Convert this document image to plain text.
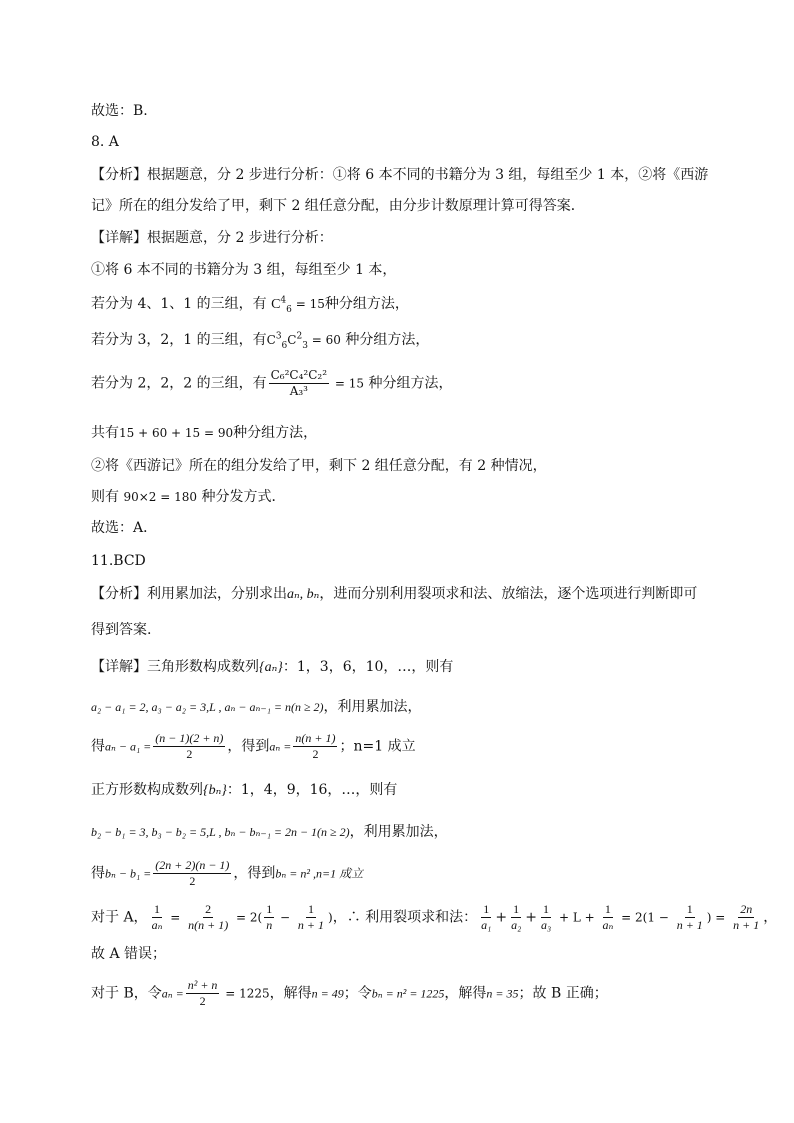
故选：B.
8. A
【分析】根据题意，分 2 步进行分析：①将 6 本不同的书籍分为 3 组，每组至少 1 本，②将《西游
记》所在的组分发给了甲，剩下 2 组任意分配，由分步计数原理计算可得答案．
【详解】根据题意，分 2 步进行分析：
①将 6 本不同的书籍分为 3 组，每组至少 1 本，
若分为 4、1、1 的三组，有 $C^4_6 = 15$种分组方法，
若分为 3，2，1 的三组，有$C^3_6C^2_3 = 60$ 种分组方法，
若分为 2，2，2 的三组，有 $\frac{\text{C₆²C₄²C₂²}}{\text{A₃³}} = 15$ 种分组方法，
共有15 + 60 + 15 = 90种分组方法，
②将《西游记》所在的组分发给了甲，剩下 2 组任意分配，有 2 种情况，
则有 90×2 = 180 种分发方式．
故选：A．
11.BCD
【分析】利用累加法，分别求出aₙ, bₙ，进而分别利用裂项求和法、放缩法，逐个选项进行判断即可
得到答案.
【详解】三角形数构成数列{aₙ}：1，3，6，10，…，则有
a₂ − a₁ = 2, a₃ − a₂ = 3,L , aₙ − aₙ₋₁ = n(n ≥ 2)，利用累加法，
得$a_n - a_1 = \frac{(n - 1)(2 + n)}{2}$ ，得到$a_n = \frac{n(n + 1)}{2}$ ；n=1 成立
正方形数构成数列{bₙ}：1，4，9，16，…，则有
b₂ − b₁ = 3, b₃ − b₂ = 5,L , bₙ − bₙ₋₁ = 2n − 1(n ≥ 2)，利用累加法，
得$b_n - b_1 = \frac{(2n + 2)(n - 1)}{2}$ ，得到bₙ = n² ,n=1 成立
对于 A， $\frac{1}{\text{aₙ}} = \frac{2}{n(n + 1)} = 2( \frac{1}{n} - \frac{1}{n + 1}$ )，∴ 利用裂项求和法： $\frac{1}{\text{a₁}} + \frac{1}{\text{a₂}} + \frac{1}{\text{a₃}} + L + \frac{1}{\text{aₙ}} = 2(1 - \frac{1}{n + 1}$ ) = $\frac{2n}{n + 1}$ ，
故 A 错误；
对于 B，令$a_n = \frac{\text{n² + n}}{2} = 1225$，解得n = 49；令bₙ = n² = 1225，解得n = 35；故 B 正确；
